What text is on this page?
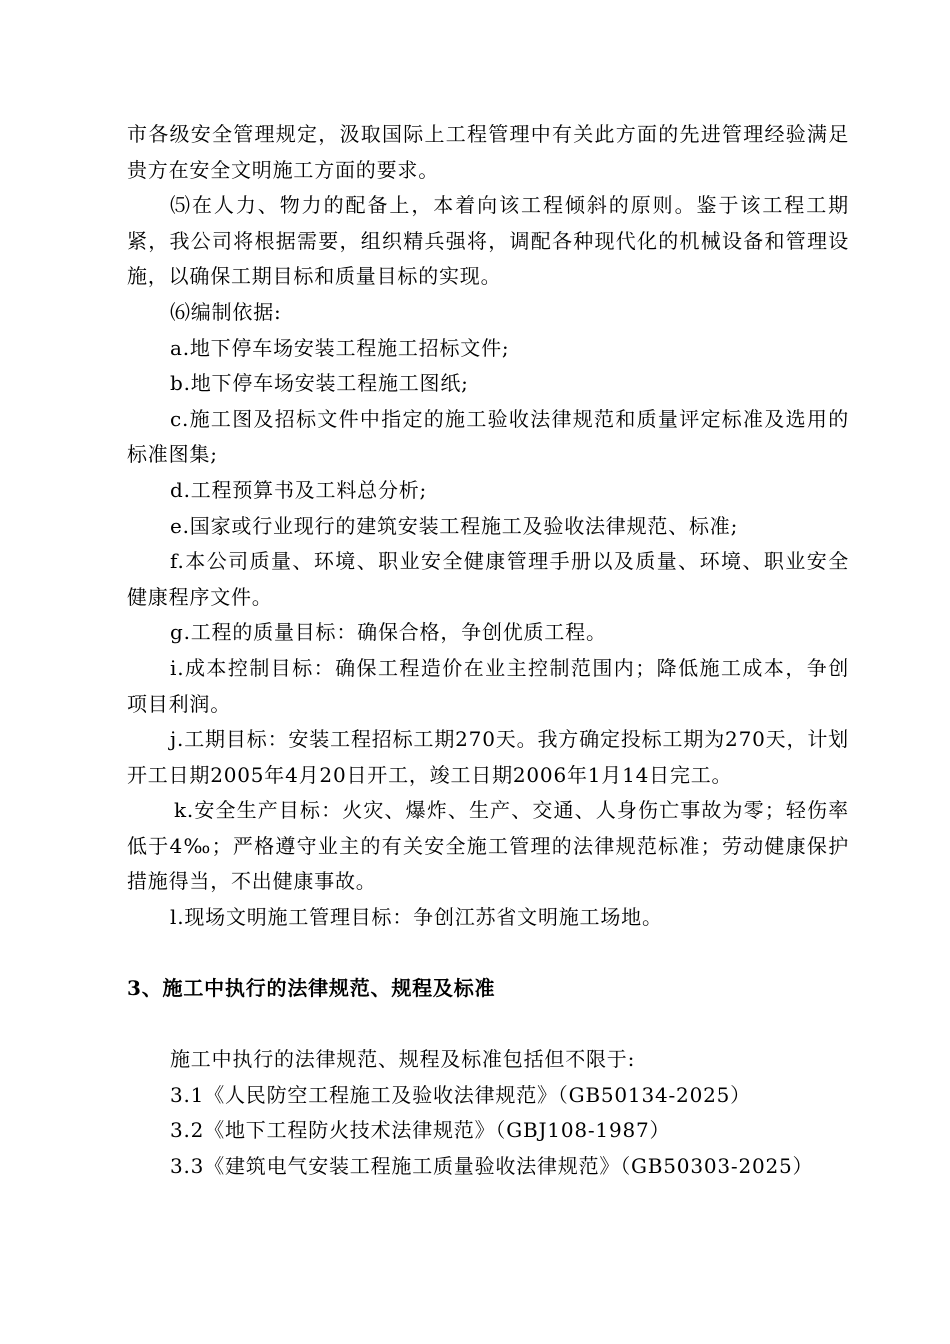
市各级安全管理规定，汲取国际上工程管理中有关此方面的先进管理经验满足贵方在安全文明施工方面的要求。

⑸在人力、物力的配备上，本着向该工程倾斜的原则。鉴于该工程工期紧，我公司将根据需要，组织精兵强将，调配各种现代化的机械设备和管理设施，以确保工期目标和质量目标的实现。

⑹编制依据:

a.地下停车场安装工程施工招标文件;

b.地下停车场安装工程施工图纸;

c.施工图及招标文件中指定的施工验收法律规范和质量评定标准及选用的标准图集;

d.工程预算书及工料总分析;

e.国家或行业现行的建筑安装工程施工及验收法律规范、标准;

f.本公司质量、环境、职业安全健康管理手册以及质量、环境、职业安全健康程序文件。

g.工程的质量目标：确保合格，争创优质工程。

i.成本控制目标：确保工程造价在业主控制范围内；降低施工成本，争创项目利润。

j.工期目标：安装工程招标工期270天。我方确定投标工期为270天，计划开工日期2005年4月20日开工，竣工日期2006年1月14日完工。

k.安全生产目标：火灾、爆炸、生产、交通、人身伤亡事故为零；轻伤率低于4‰；严格遵守业主的有关安全施工管理的法律规范标准；劳动健康保护措施得当，不出健康事故。

l.现场文明施工管理目标：争创江苏省文明施工场地。

3、施工中执行的法律规范、规程及标准

施工中执行的法律规范、规程及标准包括但不限于:

3.1《人民防空工程施工及验收法律规范》（GB50134-2025）

3.2《地下工程防火技术法律规范》（GBJ108-1987）

3.3《建筑电气安装工程施工质量验收法律规范》（GB50303-2025）
